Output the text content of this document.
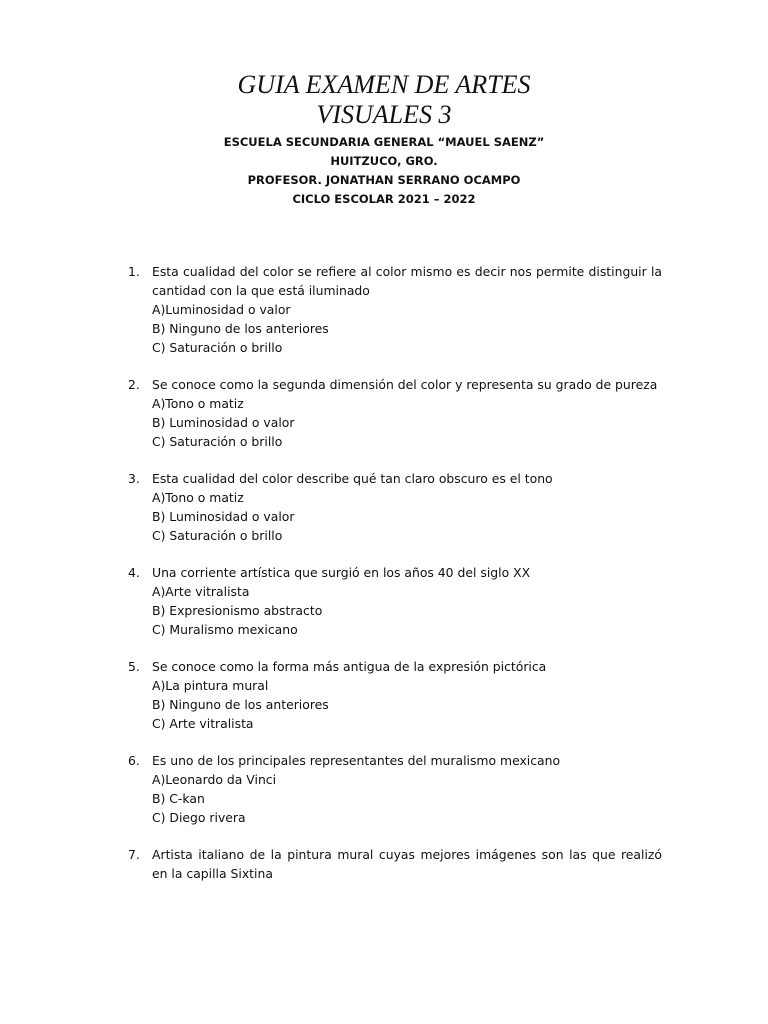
GUIA EXAMEN DE ARTES
VISUALES 3
ESCUELA SECUNDARIA GENERAL “MAUEL SAENZ”
HUITZUCO, GRO.
PROFESOR. JONATHAN SERRANO OCAMPO
CICLO ESCOLAR 2021 – 2022
1. Esta cualidad del color se refiere al color mismo es decir nos permite distinguir la cantidad con la que está iluminado
A)Luminosidad o valor
B) Ninguno de los anteriores
C) Saturación o brillo
2. Se conoce como la segunda dimensión del color y representa su grado de pureza
A)Tono o matiz
B) Luminosidad o valor
C) Saturación o brillo
3. Esta cualidad del color describe qué tan claro obscuro es el tono
A)Tono o matiz
B) Luminosidad o valor
C) Saturación o brillo
4. Una corriente artística que surgió en los años 40 del siglo XX
A)Arte vitralista
B) Expresionismo abstracto
C) Muralismo mexicano
5. Se conoce como la forma más antigua de la expresión pictórica
A)La pintura mural
B) Ninguno de los anteriores
C) Arte vitralista
6. Es uno de los principales representantes del muralismo mexicano
A)Leonardo da Vinci
B) C-kan
C) Diego rivera
7. Artista italiano de la pintura mural cuyas mejores imágenes son las que realizó en la capilla Sixtina
